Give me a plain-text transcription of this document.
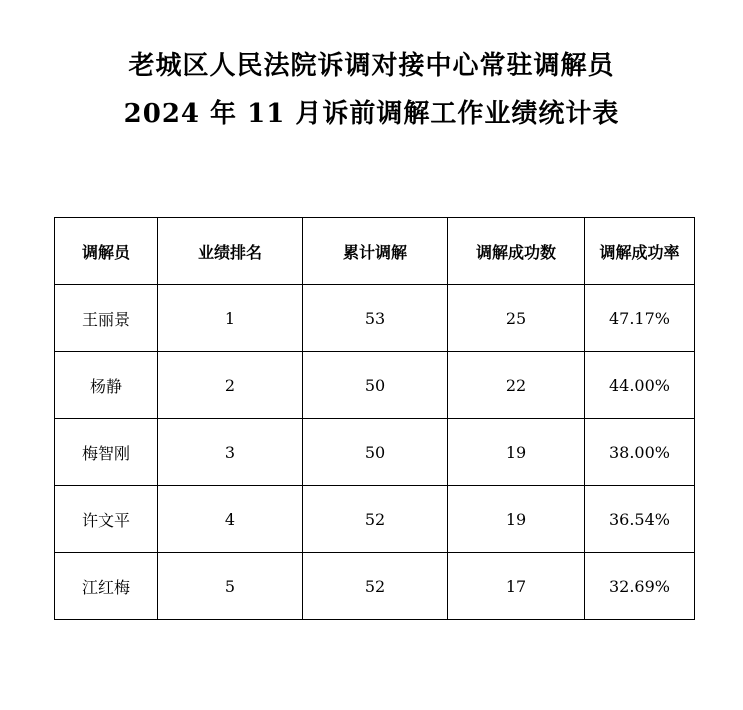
老城区人民法院诉调对接中心常驻调解员
2024 年 11 月诉前调解工作业绩统计表
调解员	业绩排名	累计调解	调解成功数	调解成功率
王丽景	1	53	25	47.17%
杨静	2	50	22	44.00%
梅智刚	3	50	19	38.00%
许文平	4	52	19	36.54%
江红梅	5	52	17	32.69%
